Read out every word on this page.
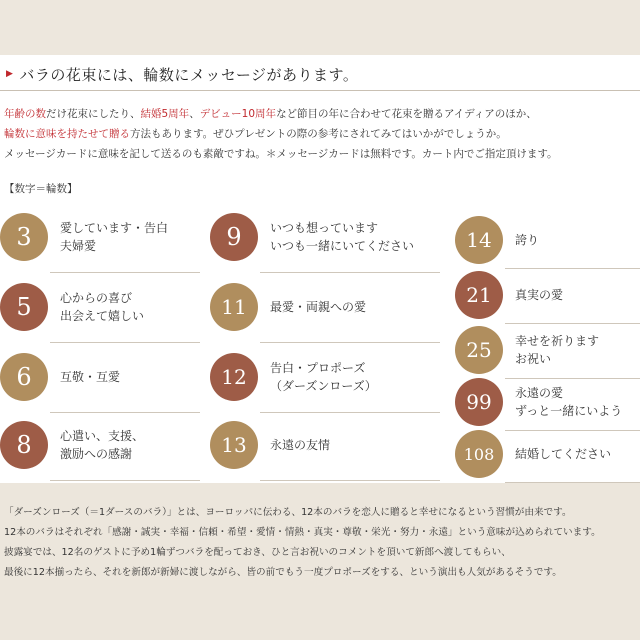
▶ バラの花束には、輪数にメッセージがあります。
年齢の数だけ花束にしたり、結婚5周年、デビュー10周年など節目の年に合わせて花束を贈るアイディアのほか、
輪数に意味を持たせて贈る方法もあります。ぜひプレゼントの際の参考にされてみてはいかがでしょうか。
メッセージカードに意味を記して送るのも素敵ですね。＊メッセージカードは無料です。カート内でご指定頂けます。
【数字＝輪数】
3	愛しています・告白
夫婦愛
5	心からの喜び
出会えて嬉しい
6	互敬・互愛
8	心遣い、支援、
激励への感謝
9	いつも想っています
いつも一緒にいてください
11	最愛・両親への愛
12	告白・プロポーズ
（ダーズンローズ）
13	永遠の友情
14	誇り
21	真実の愛
25	幸せを祈ります
お祝い
99	永遠の愛
ずっと一緒にいよう
108	結婚してください
「ダーズンローズ（＝1ダースのバラ）」とは、ヨーロッパに伝わる、12本のバラを恋人に贈ると幸せになるという習慣が由来です。
12本のバラはそれぞれ「感謝・誠実・幸福・信頼・希望・愛情・情熱・真実・尊敬・栄光・努力・永遠」という意味が込められています。
披露宴では、12名のゲストに予め1輪ずつバラを配っておき、ひと言お祝いのコメントを頂いて新郎へ渡してもらい、
最後に12本揃ったら、それを新郎が新婦に渡しながら、皆の前でもう一度プロポーズをする、という演出も人気があるそうです。
